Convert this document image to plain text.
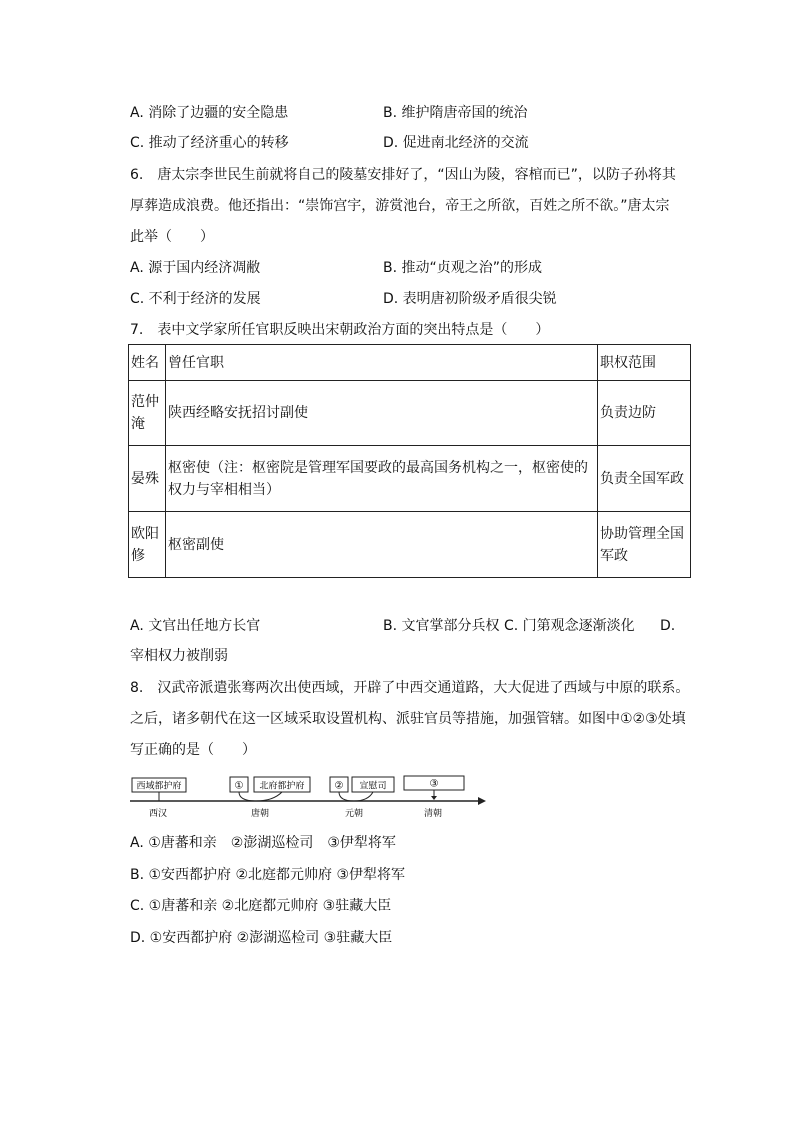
A. 消除了边疆的安全隐患	B. 维护隋唐帝国的统治
C. 推动了经济重心的转移	D. 促进南北经济的交流
6.　唐太宗李世民生前就将自己的陵墓安排好了，“因山为陵，容棺而已”，以防子孙将其
厚葬造成浪费。他还指出：“崇饰宫宇，游赏池台，帝王之所欲，百姓之所不欲。”唐太宗
此举（　　）
A. 源于国内经济凋敝	B. 推动“贞观之治”的形成
C. 不利于经济的发展	D. 表明唐初阶级矛盾很尖锐
7.　表中文学家所任官职反映出宋朝政治方面的突出特点是（　　）
姓名	曾任官职	职权范围
范仲淹	陕西经略安抚招讨副使	负责边防
晏殊	枢密使（注：枢密院是管理军国要政的最高国务机构之一，枢密使的权力与宰相相当）	负责全国军政
欧阳修	枢密副使	协助管理全国军政
A. 文官出任地方长官	B. 文官掌部分兵权 C. 门第观念逐渐淡化 D.
宰相权力被削弱
8.　汉武帝派遣张骞两次出使西域，开辟了中西交通道路，大大促进了西域与中原的联系。
之后，诸多朝代在这一区域采取设置机构、派驻官员等措施，加强管辖。如图中①②③处填
写正确的是（　　）
西域都护府	① 北府都护府	② 宣慰司	③
西汉	唐朝	元朝	清朝
A. ①唐蕃和亲　②澎湖巡检司　③伊犁将军
B. ①安西都护府 ②北庭都元帅府 ③伊犁将军
C. ①唐蕃和亲 ②北庭都元帅府 ③驻藏大臣
D. ①安西都护府 ②澎湖巡检司 ③驻藏大臣
